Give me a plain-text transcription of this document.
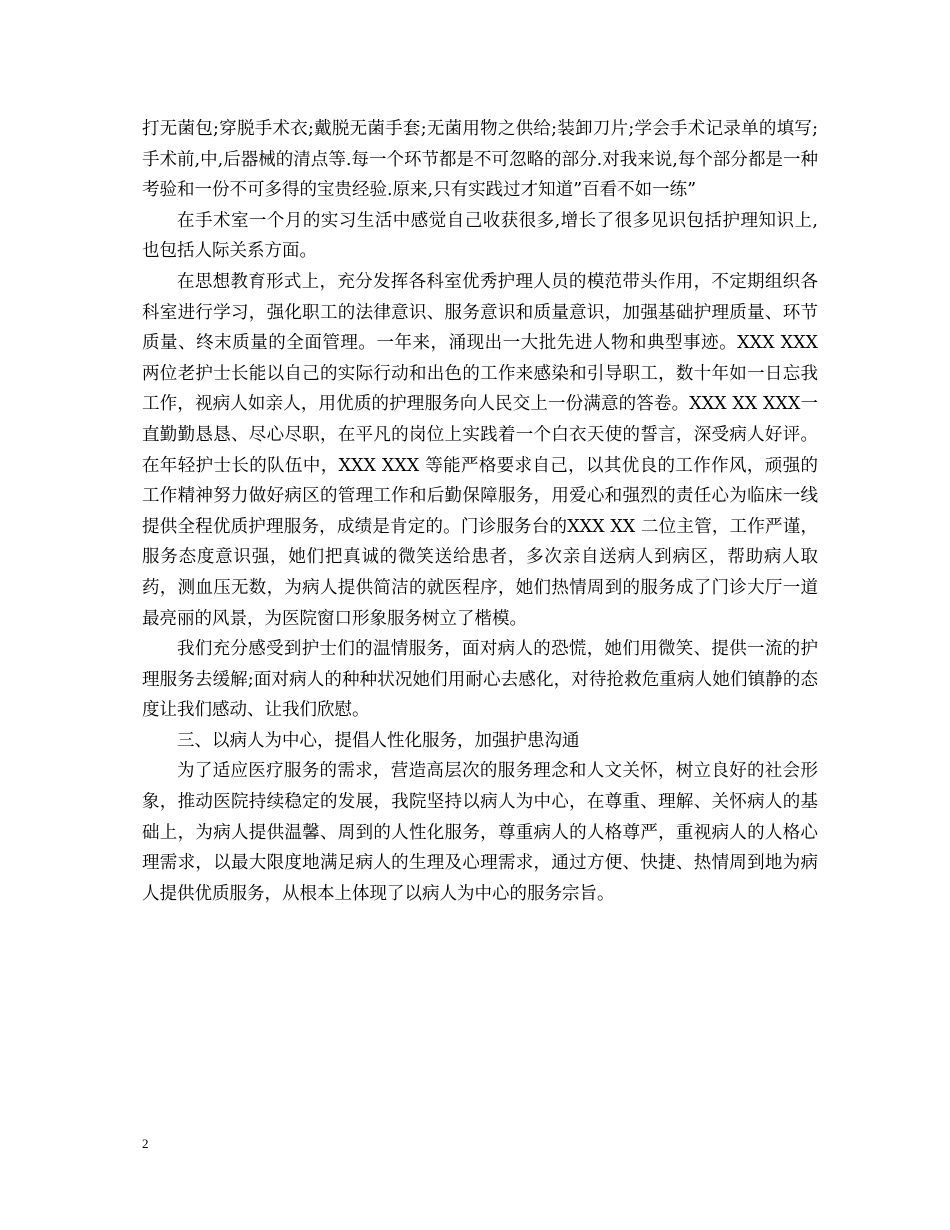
打无菌包;穿脱手术衣;戴脱无菌手套;无菌用物之供给;装卸刀片;学会手术记录单的填写;手术前,中,后器械的清点等.每一个环节都是不可忽略的部分.对我来说,每个部分都是一种考验和一份不可多得的宝贵经验.原来,只有实践过才知道”百看不如一练”

在手术室一个月的实习生活中感觉自己收获很多,增长了很多见识包括护理知识上,也包括人际关系方面。

在思想教育形式上，充分发挥各科室优秀护理人员的模范带头作用，不定期组织各科室进行学习，强化职工的法律意识、服务意识和质量意识，加强基础护理质量、环节质量、终末质量的全面管理。一年来，涌现出一大批先进人物和典型事迹。XXX XXX 两位老护士长能以自己的实际行动和出色的工作来感染和引导职工，数十年如一日忘我工作，视病人如亲人，用优质的护理服务向人民交上一份满意的答卷。XXX XX XXX一直勤勤恳恳、尽心尽职，在平凡的岗位上实践着一个白衣天使的誓言，深受病人好评。在年轻护士长的队伍中，XXX XXX 等能严格要求自己，以其优良的工作作风，顽强的工作精神努力做好病区的管理工作和后勤保障服务，用爱心和强烈的责任心为临床一线提供全程优质护理服务，成绩是肯定的。门诊服务台的XXX XX 二位主管，工作严谨，服务态度意识强，她们把真诚的微笑送给患者，多次亲自送病人到病区，帮助病人取药，测血压无数，为病人提供简洁的就医程序，她们热情周到的服务成了门诊大厅一道最亮丽的风景，为医院窗口形象服务树立了楷模。

我们充分感受到护士们的温情服务，面对病人的恐慌，她们用微笑、提供一流的护理服务去缓解;面对病人的种种状况她们用耐心去感化，对待抢救危重病人她们镇静的态度让我们感动、让我们欣慰。

三、以病人为中心，提倡人性化服务，加强护患沟通

为了适应医疗服务的需求，营造高层次的服务理念和人文关怀，树立良好的社会形象，推动医院持续稳定的发展，我院坚持以病人为中心，在尊重、理解、关怀病人的基础上，为病人提供温馨、周到的人性化服务，尊重病人的人格尊严，重视病人的人格心理需求，以最大限度地满足病人的生理及心理需求，通过方便、快捷、热情周到地为病人提供优质服务，从根本上体现了以病人为中心的服务宗旨。

2
